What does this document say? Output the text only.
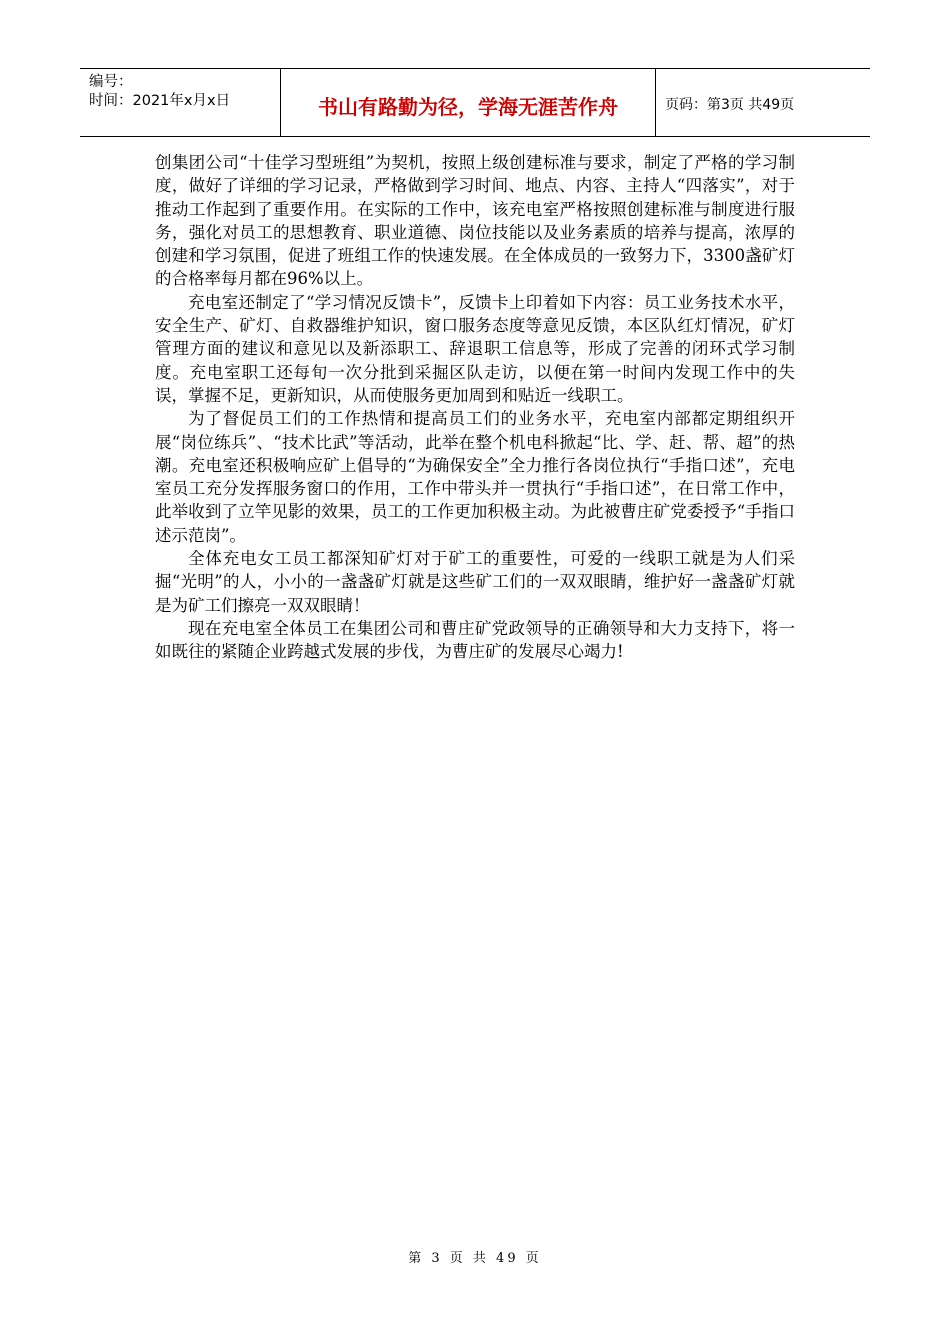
编号：
时间：2021年x月x日	书山有路勤为径，学海无涯苦作舟	页码：第3页 共49页

创集团公司“十佳学习型班组”为契机，按照上级创建标准与要求，制定了严格的学习制度，做好了详细的学习记录，严格做到学习时间、地点、内容、主持人“四落实”，对于推动工作起到了重要作用。在实际的工作中，该充电室严格按照创建标准与制度进行服务，强化对员工的思想教育、职业道德、岗位技能以及业务素质的培养与提高，浓厚的创建和学习氛围，促进了班组工作的快速发展。在全体成员的一致努力下，3300盏矿灯的合格率每月都在96%以上。

充电室还制定了“学习情况反馈卡”，反馈卡上印着如下内容：员工业务技术水平，安全生产、矿灯、自救器维护知识，窗口服务态度等意见反馈，本区队红灯情况，矿灯管理方面的建议和意见以及新添职工、辞退职工信息等，形成了完善的闭环式学习制度。充电室职工还每旬一次分批到采掘区队走访，以便在第一时间内发现工作中的失误，掌握不足，更新知识，从而使服务更加周到和贴近一线职工。

为了督促员工们的工作热情和提高员工们的业务水平，充电室内部都定期组织开展“岗位练兵”、“技术比武”等活动，此举在整个机电科掀起“比、学、赶、帮、超”的热潮。充电室还积极响应矿上倡导的“为确保安全”全力推行各岗位执行“手指口述”，充电室员工充分发挥服务窗口的作用，工作中带头并一贯执行“手指口述”，在日常工作中，此举收到了立竿见影的效果，员工的工作更加积极主动。为此被曹庄矿党委授予“手指口述示范岗”。

全体充电女工员工都深知矿灯对于矿工的重要性，可爱的一线职工就是为人们采掘“光明”的人，小小的一盏盏矿灯就是这些矿工们的一双双眼睛，维护好一盏盏矿灯就是为矿工们擦亮一双双眼睛！

现在充电室全体员工在集团公司和曹庄矿党政领导的正确领导和大力支持下，将一如既往的紧随企业跨越式发展的步伐，为曹庄矿的发展尽心竭力!

第 3 页 共 49 页
